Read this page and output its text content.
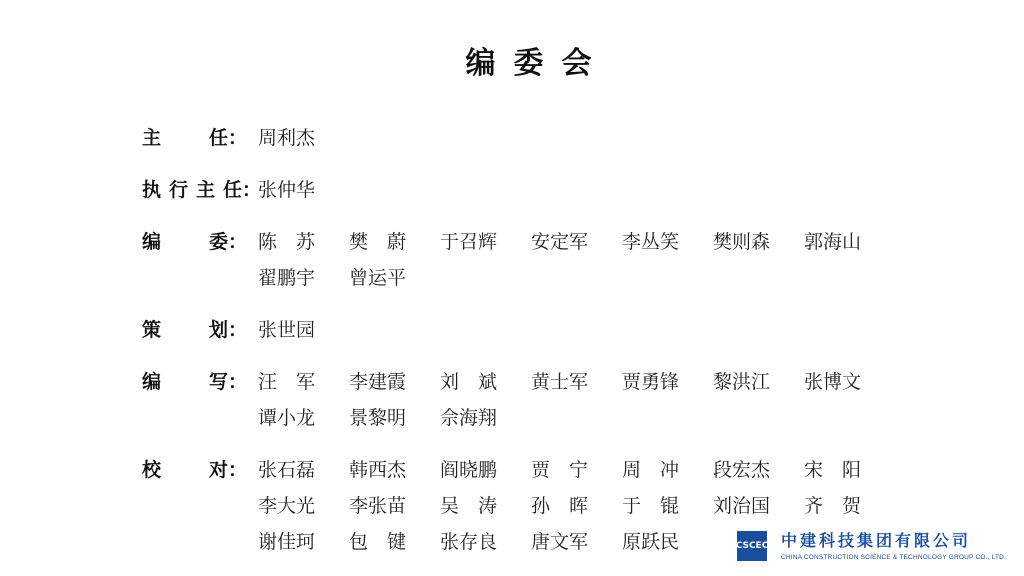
编委会
主	任 ： 周利杰
执 行 主 任 ：
张仲华
编	委 ： 陈苏 樊蔚 于召辉	安定军	李丛笑	樊则森	郭海山
翟鹏宇	曾运平
策	划 ： 张世园
编	写 ： 汪军 李建霞	刘斌 黄士军	贾勇锋	黎洪江	张博文
谭小龙	景黎明	佘海翔
校	对 ： 张石磊	韩西杰	阎晓鹏	贾宁 周冲 段宏杰	宋阳
李大光	李张苗	吴涛 孙晖 于锟 刘治国	齐贺
谢佳珂	包键 张存良	唐文军	原跃民	CSCEC 中建科技集团有限公司
CHINA CONSTRUCTION SCIENCE & TECHNOLOGY GROUP CO., LTD.
